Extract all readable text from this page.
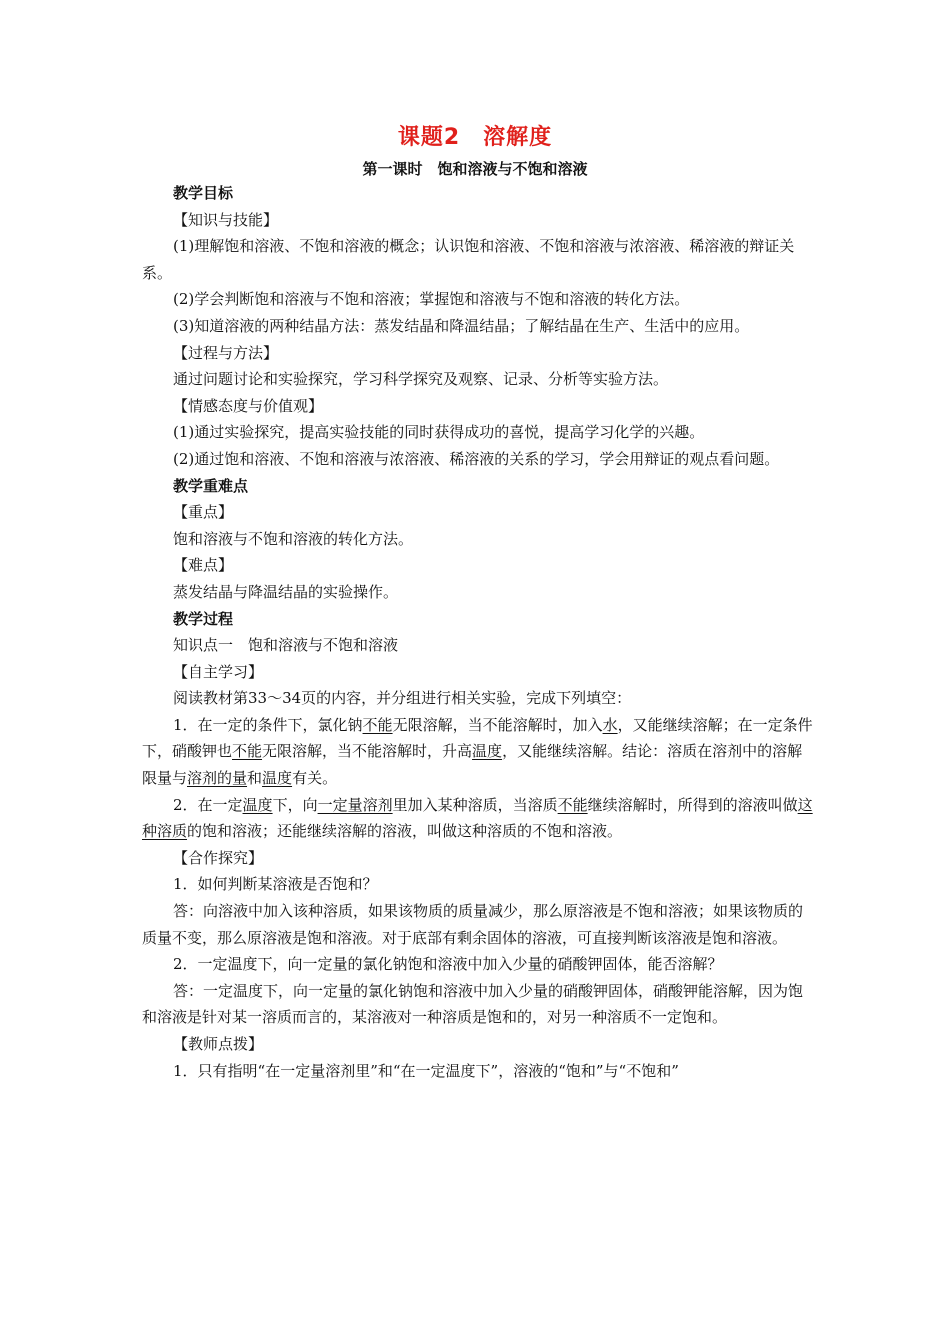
课题2　溶解度
第一课时　饱和溶液与不饱和溶液

教学目标

【知识与技能】

(1)理解饱和溶液、不饱和溶液的概念；认识饱和溶液、不饱和溶液与浓溶液、稀溶液的辩证关系。

(2)学会判断饱和溶液与不饱和溶液；掌握饱和溶液与不饱和溶液的转化方法。

(3)知道溶液的两种结晶方法：蒸发结晶和降温结晶；了解结晶在生产、生活中的应用。

【过程与方法】

通过问题讨论和实验探究，学习科学探究及观察、记录、分析等实验方法。

【情感态度与价值观】

(1)通过实验探究，提高实验技能的同时获得成功的喜悦，提高学习化学的兴趣。

(2)通过饱和溶液、不饱和溶液与浓溶液、稀溶液的关系的学习，学会用辩证的观点看问题。

教学重难点

【重点】

饱和溶液与不饱和溶液的转化方法。

【难点】

蒸发结晶与降温结晶的实验操作。

教学过程

知识点一　饱和溶液与不饱和溶液

【自主学习】

阅读教材第33～34页的内容，并分组进行相关实验，完成下列填空：

1．在一定的条件下，氯化钠不能无限溶解，当不能溶解时，加入水，又能继续溶解；在一定条件下，硝酸钾也不能无限溶解，当不能溶解时，升高温度，又能继续溶解。结论：溶质在溶剂中的溶解限量与溶剂的量和温度有关。

2．在一定温度下，向一定量溶剂里加入某种溶质，当溶质不能继续溶解时，所得到的溶液叫做这种溶质的饱和溶液；还能继续溶解的溶液，叫做这种溶质的不饱和溶液。

【合作探究】

1．如何判断某溶液是否饱和？

答：向溶液中加入该种溶质，如果该物质的质量减少，那么原溶液是不饱和溶液；如果该物质的质量不变，那么原溶液是饱和溶液。对于底部有剩余固体的溶液，可直接判断该溶液是饱和溶液。

2．一定温度下，向一定量的氯化钠饱和溶液中加入少量的硝酸钾固体，能否溶解？

答：一定温度下，向一定量的氯化钠饱和溶液中加入少量的硝酸钾固体，硝酸钾能溶解，因为饱和溶液是针对某一溶质而言的，某溶液对一种溶质是饱和的，对另一种溶质不一定饱和。

【教师点拨】

1．只有指明“在一定量溶剂里”和“在一定温度下”，溶液的“饱和”与“不饱和”
